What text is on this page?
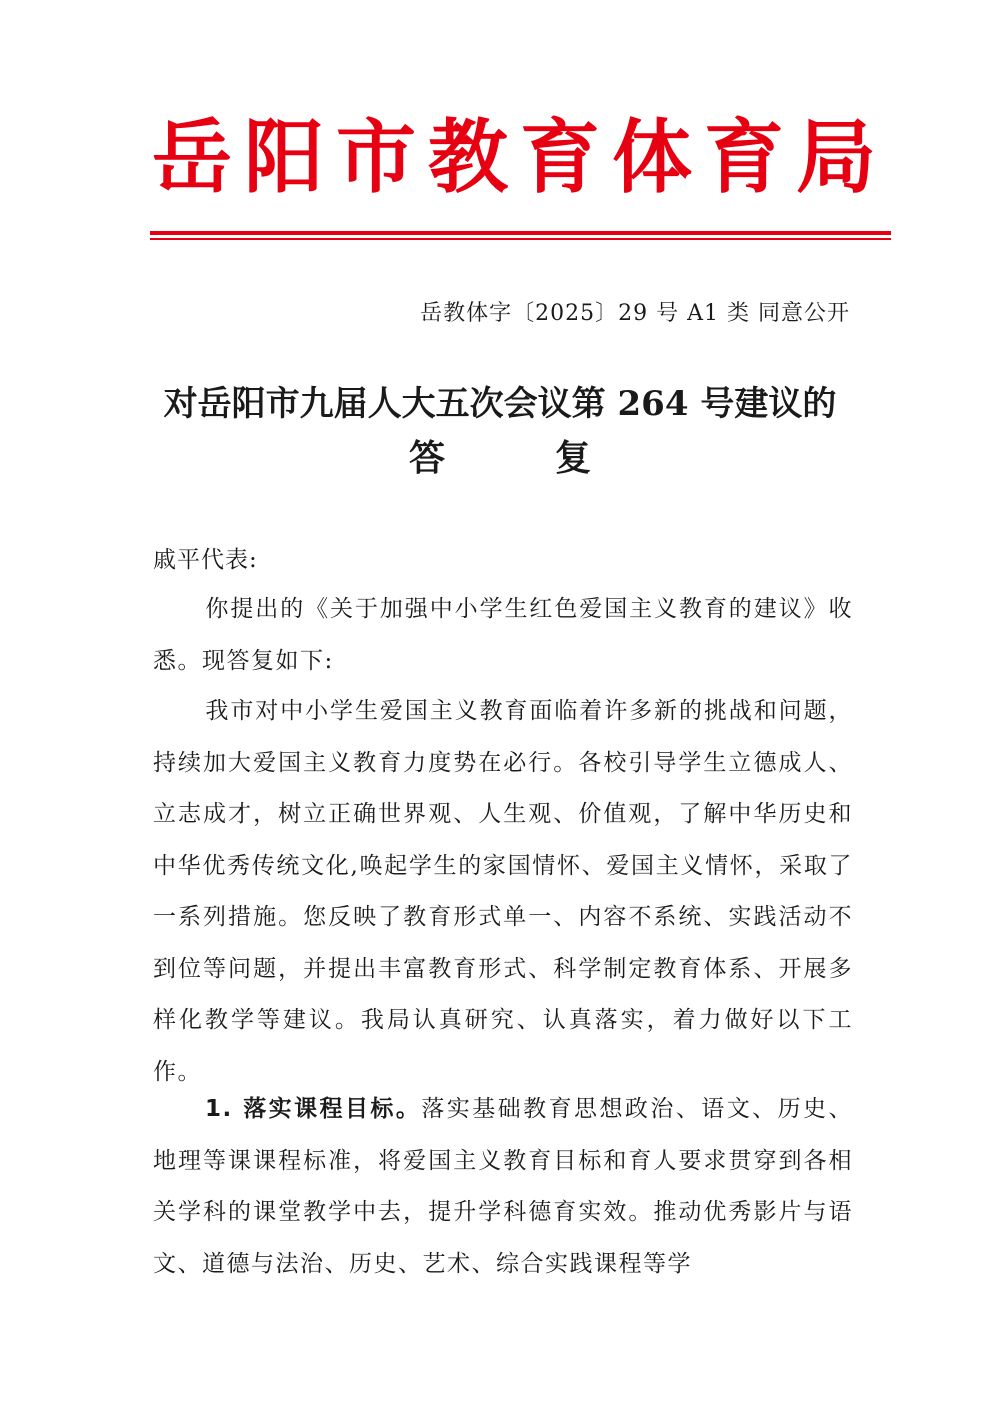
岳阳市教育体育局
岳教体字〔2025〕29 号 A1 类 同意公开
对岳阳市九届人大五次会议第 264 号建议的
答	复
戚平代表:
你提出的《关于加强中小学生红色爱国主义教育的建议》收悉。现答复如下:
我市对中小学生爱国主义教育面临着许多新的挑战和问题，持续加大爱国主义教育力度势在必行。各校引导学生立德成人、立志成才，树立正确世界观、人生观、价值观，了解中华历史和中华优秀传统文化,唤起学生的家国情怀、爱国主义情怀，采取了一系列措施。您反映了教育形式单一、内容不系统、实践活动不到位等问题，并提出丰富教育形式、科学制定教育体系、开展多样化教学等建议。我局认真研究、认真落实，着力做好以下工作。
1. 落实课程目标。落实基础教育思想政治、语文、历史、地理等课课程标准，将爱国主义教育目标和育人要求贯穿到各相关学科的课堂教学中去，提升学科德育实效。推动优秀影片与语文、道德与法治、历史、艺术、综合实践课程等学
